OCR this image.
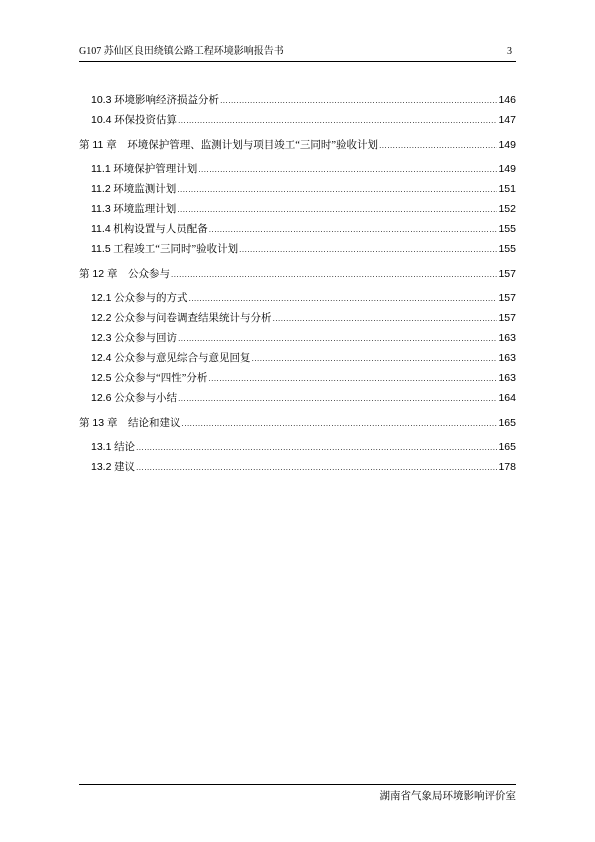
G107 苏仙区良田绕镇公路工程环境影响报告书	3
10.3 环境影响经济损益分析 .....	146
10.4 环保投资估算 .....	147
第 11 章　环境保护管理、监测计划与项目竣工“三同时”验收计划 .....	149
11.1 环境保护管理计划 .....	149
11.2 环境监测计划 .....	151
11.3 环境监理计划 .....	152
11.4 机构设置与人员配备 .....	155
11.5 工程竣工“三同时”验收计划 .....	155
第 12 章　公众参与 .....	157
12.1 公众参与的方式 .....	157
12.2 公众参与问卷调查结果统计与分析 .....	157
12.3 公众参与回访 .....	163
12.4 公众参与意见综合与意见回复 .....	163
12.5 公众参与“四性”分析 .....	163
12.6 公众参与小结 .....	164
第 13 章　结论和建议 .....	165
13.1 结论 .....	165
13.2 建议 .....	178
湖南省气象局环境影响评价室
